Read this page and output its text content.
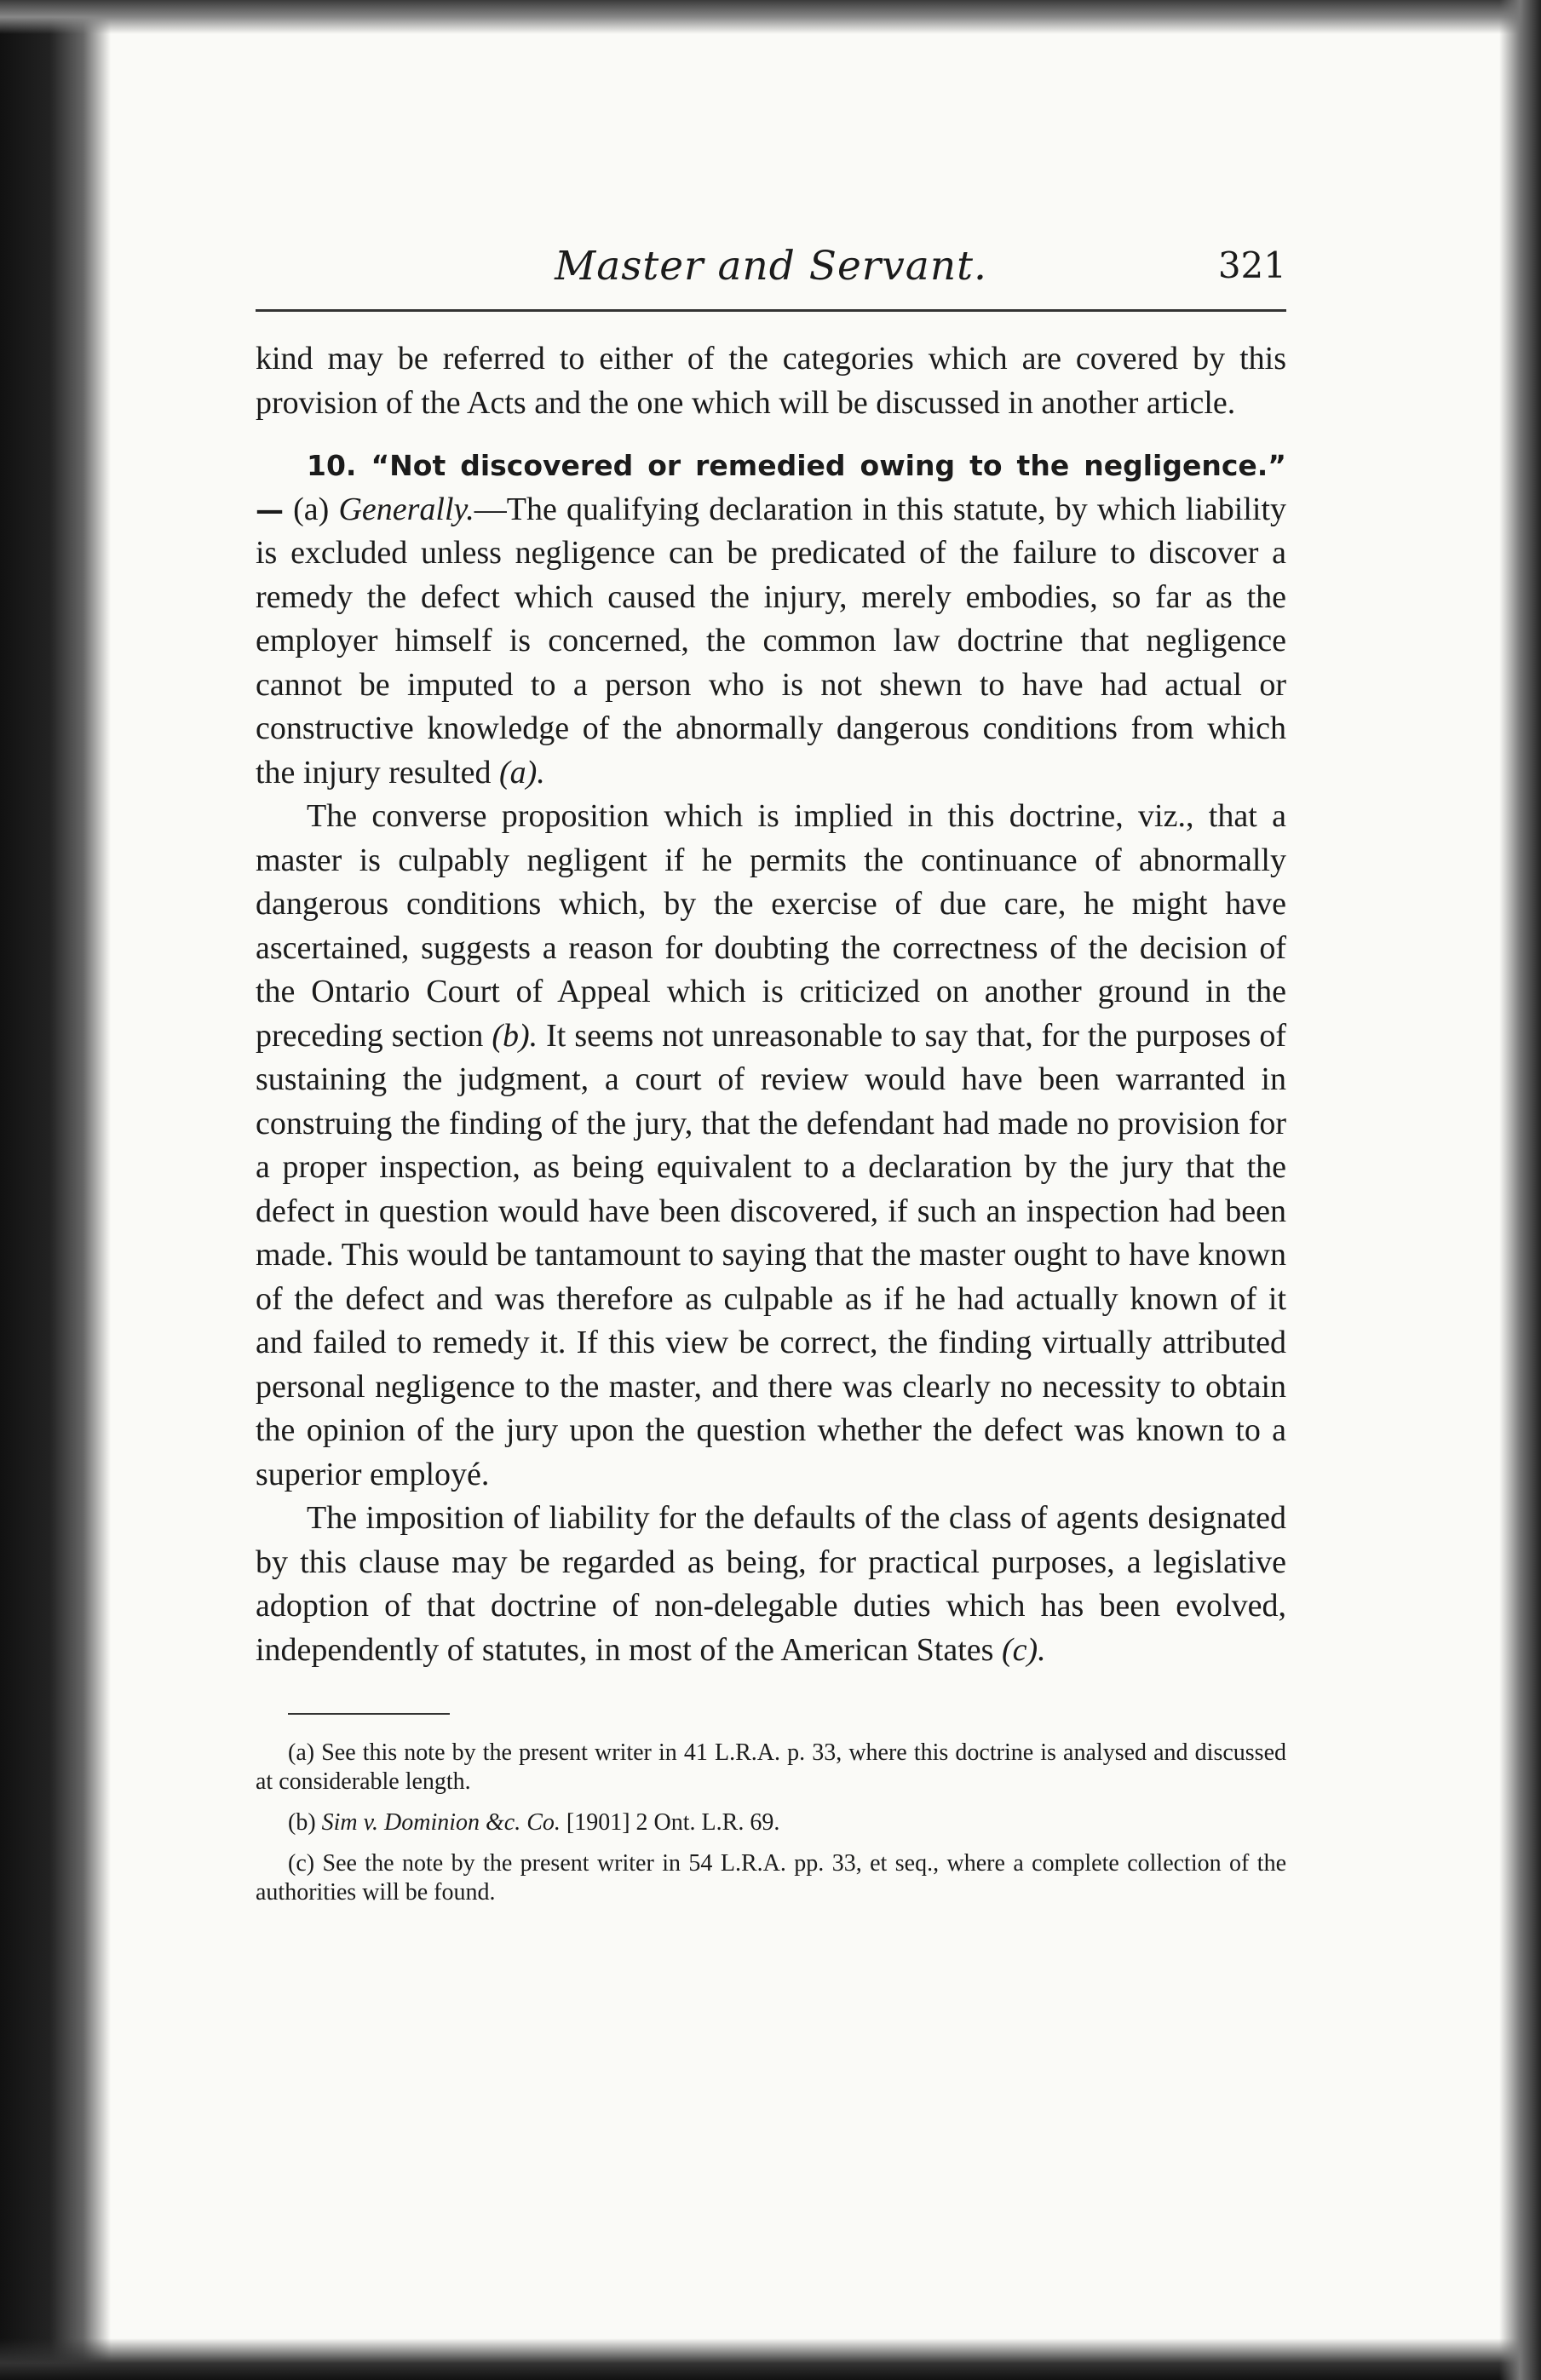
Master and Servant.	321

kind may be referred to either of the categories which are covered by this provision of the Acts and the one which will be discussed in another article.

10. “Not discovered or remedied owing to the negligence.” — (a) Generally.—The qualifying declaration in this statute, by which liability is excluded unless negligence can be predicated of the failure to discover a remedy the defect which caused the injury, merely embodies, so far as the employer himself is concerned, the common law doctrine that negligence cannot be imputed to a person who is not shewn to have had actual or constructive knowledge of the abnormally dangerous conditions from which the injury resulted (a).

The converse proposition which is implied in this doctrine, viz., that a master is culpably negligent if he permits the continuance of abnormally dangerous conditions which, by the exercise of due care, he might have ascertained, suggests a reason for doubting the correctness of the decision of the Ontario Court of Appeal which is criticized on another ground in the preceding section (b). It seems not unreasonable to say that, for the purposes of sustaining the judgment, a court of review would have been warranted in construing the finding of the jury, that the defendant had made no provision for a proper inspection, as being equivalent to a declaration by the jury that the defect in question would have been discovered, if such an inspection had been made. This would be tantamount to saying that the master ought to have known of the defect and was therefore as culpable as if he had actually known of it and failed to remedy it. If this view be correct, the finding virtually attributed personal negligence to the master, and there was clearly no necessity to obtain the opinion of the jury upon the question whether the defect was known to a superior employé.

The imposition of liability for the defaults of the class of agents designated by this clause may be regarded as being, for practical purposes, a legislative adoption of that doctrine of non-delegable duties which has been evolved, independently of statutes, in most of the American States (c).

(a) See this note by the present writer in 41 L.R.A. p. 33, where this doctrine is analysed and discussed at considerable length.

(b) Sim v. Dominion &c. Co. [1901] 2 Ont. L.R. 69.

(c) See the note by the present writer in 54 L.R.A. pp. 33, et seq., where a complete collection of the authorities will be found.
